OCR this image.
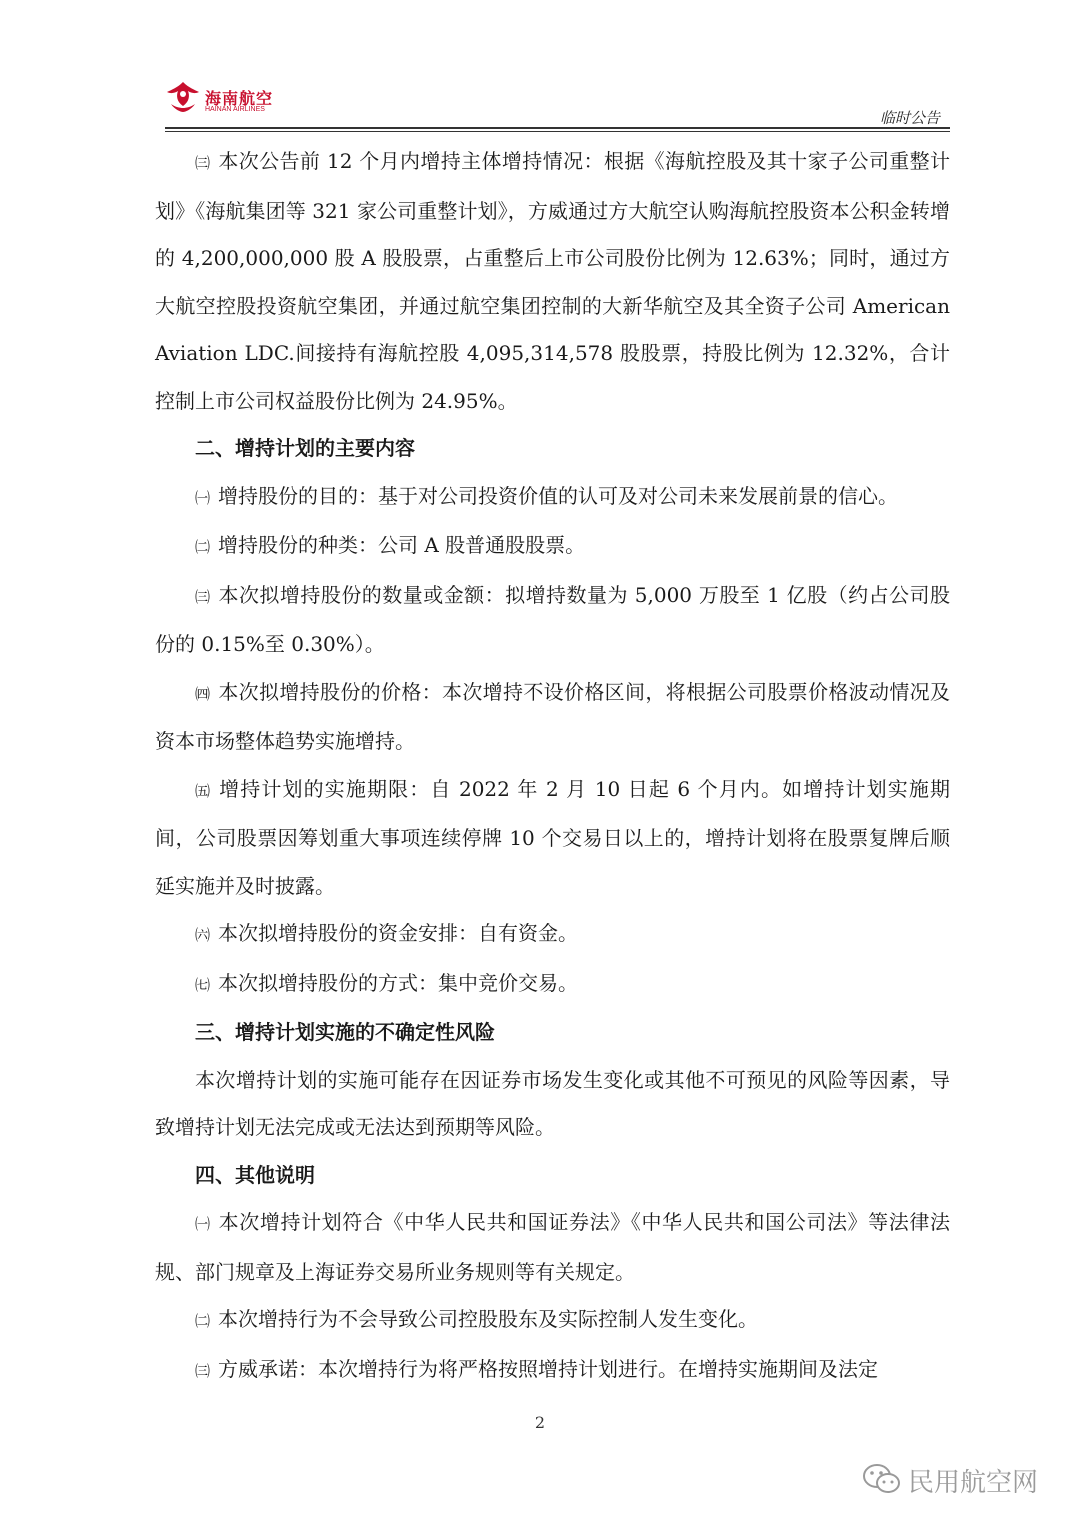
海南航空
HAINAN AIRLINES	临时公告

㈢ 本次公告前 12 个月内增持主体增持情况：根据《海航控股及其十家子公司重整计划》《海航集团等 321 家公司重整计划》，方威通过方大航空认购海航控股资本公积金转增的 4,200,000,000 股 A 股股票，占重整后上市公司股份比例为 12.63%；同时，通过方大航空控股投资航空集团，并通过航空集团控制的大新华航空及其全资子公司 American Aviation LDC.间接持有海航控股 4,095,314,578 股股票，持股比例为 12.32%，合计控制上市公司权益股份比例为 24.95%。

二、增持计划的主要内容

㈠ 增持股份的目的：基于对公司投资价值的认可及对公司未来发展前景的信心。

㈡ 增持股份的种类：公司 A 股普通股股票。

㈢ 本次拟增持股份的数量或金额：拟增持数量为 5,000 万股至 1 亿股（约占公司股份的 0.15%至 0.30%）。

㈣ 本次拟增持股份的价格：本次增持不设价格区间，将根据公司股票价格波动情况及资本市场整体趋势实施增持。

㈤ 增持计划的实施期限：自 2022 年 2 月 10 日起 6 个月内。如增持计划实施期间，公司股票因筹划重大事项连续停牌 10 个交易日以上的，增持计划将在股票复牌后顺延实施并及时披露。

㈥ 本次拟增持股份的资金安排：自有资金。

㈦ 本次拟增持股份的方式：集中竞价交易。

三、增持计划实施的不确定性风险

本次增持计划的实施可能存在因证券市场发生变化或其他不可预见的风险等因素，导致增持计划无法完成或无法达到预期等风险。

四、其他说明

㈠ 本次增持计划符合《中华人民共和国证券法》《中华人民共和国公司法》等法律法规、部门规章及上海证券交易所业务规则等有关规定。

㈡ 本次增持行为不会导致公司控股股东及实际控制人发生变化。

㈢ 方威承诺：本次增持行为将严格按照增持计划进行。在增持实施期间及法定

2
民用航空网
